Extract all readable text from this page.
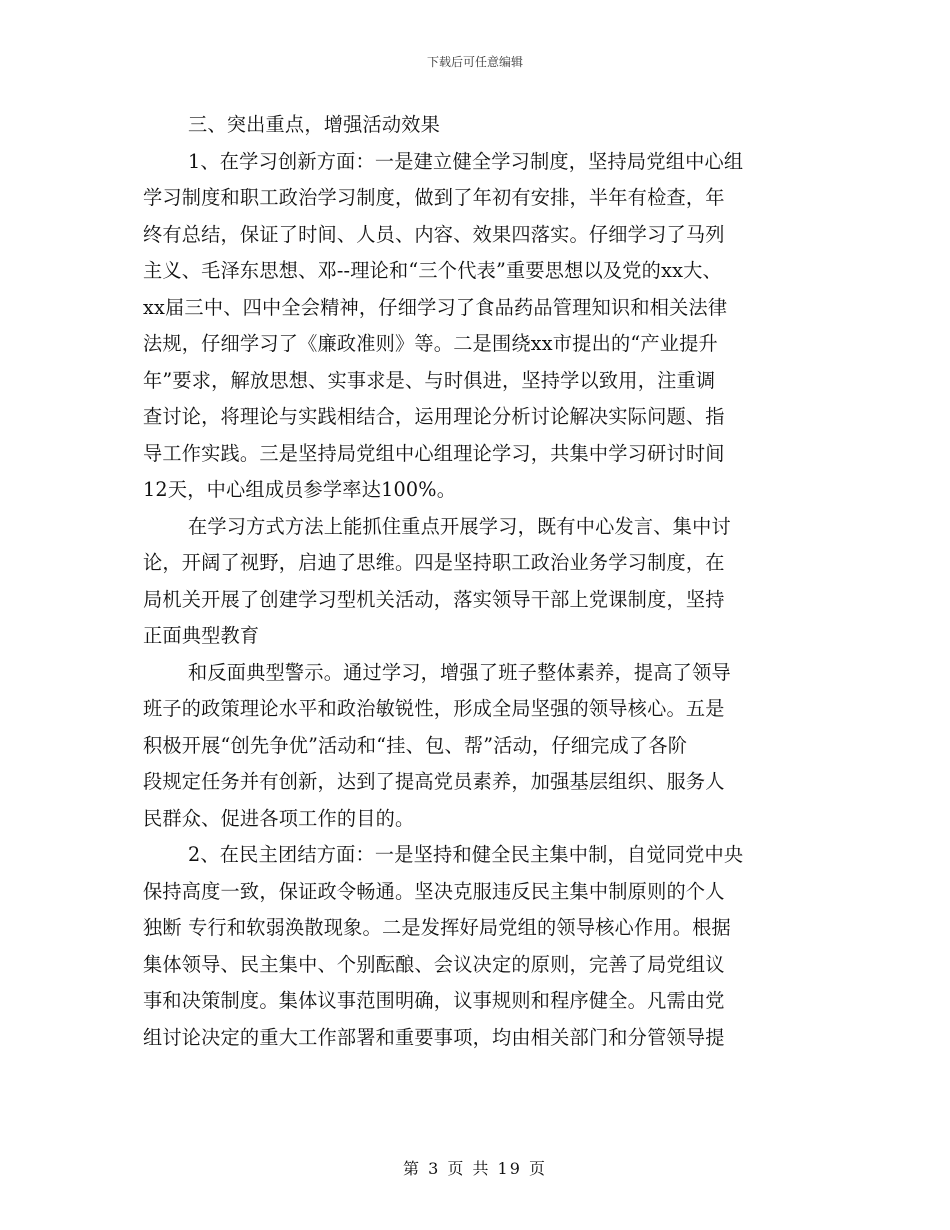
下载后可任意编辑
三、突出重点，增强活动效果
1、在学习创新方面：一是建立健全学习制度，坚持局党组中心组
学习制度和职工政治学习制度，做到了年初有安排，半年有检查，年
终有总结，保证了时间、人员、内容、效果四落实。仔细学习了马列
主义、毛泽东思想、邓--理论和“三个代表”重要思想以及党的xx大、
xx届三中、四中全会精神，仔细学习了食品药品管理知识和相关法律
法规，仔细学习了《廉政准则》等。二是围绕xx市提出的“产业提升
年”要求，解放思想、实事求是、与时俱进，坚持学以致用，注重调
查讨论，将理论与实践相结合，运用理论分析讨论解决实际问题、指
导工作实践。三是坚持局党组中心组理论学习，共集中学习研讨时间
12天，中心组成员参学率达100%。
在学习方式方法上能抓住重点开展学习，既有中心发言、集中讨
论，开阔了视野，启迪了思维。四是坚持职工政治业务学习制度，在
局机关开展了创建学习型机关活动，落实领导干部上党课制度，坚持
正面典型教育
和反面典型警示。通过学习，增强了班子整体素养，提高了领导
班子的政策理论水平和政治敏锐性，形成全局坚强的领导核心。五是
积极开展“创先争优”活动和“挂、包、帮”活动，仔细完成了各阶
段规定任务并有创新，达到了提高党员素养，加强基层组织、服务人
民群众、促进各项工作的目的。
2、在民主团结方面：一是坚持和健全民主集中制，自觉同党中央
保持高度一致，保证政令畅通。坚决克服违反民主集中制原则的个人
独断 专行和软弱涣散现象。二是发挥好局党组的领导核心作用。根据
集体领导、民主集中、个别酝酿、会议决定的原则，完善了局党组议
事和决策制度。集体议事范围明确，议事规则和程序健全。凡需由党
组讨论决定的重大工作部署和重要事项，均由相关部门和分管领导提
第 3 页 共 19 页
